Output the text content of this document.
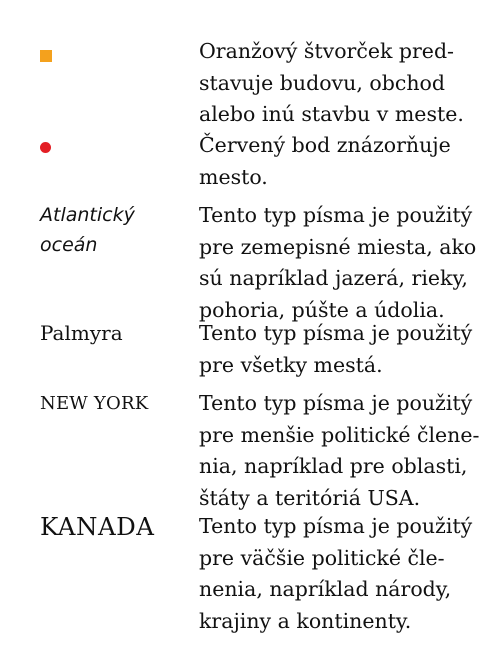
Oranžový štvorček pred-
stavuje budovu, obchod
alebo inú stavbu v meste.
Červený bod znázorňuje
mesto.
Atlantický
oceán
Tento typ písma je použitý
pre zemepisné miesta, ako
sú napríklad jazerá, rieky,
pohoria, púšte a údolia.
Palmyra	Tento typ písma je použitý
pre všetky mestá.
NEW YORK Tento typ písma je použitý
pre menšie politické člene-
nia, napríklad pre oblasti,
štáty a teritóriá USA.
KANADA Tento typ písma je použitý
pre väčšie politické čle-
nenia, napríklad národy,
krajiny a kontinenty.
